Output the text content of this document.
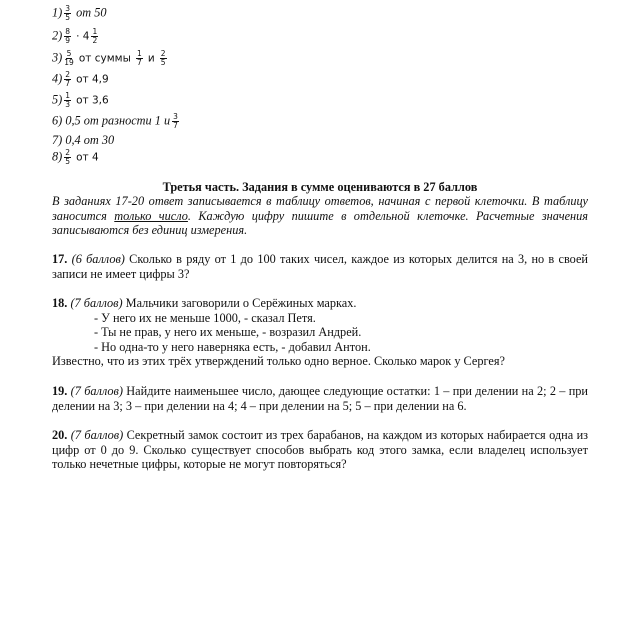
$1) \frac{3}{5}$ от 50
$2) \frac{8}{9} \cdot 4 \frac{1}{2}$
$3) \frac{5}{19}$ от суммы $\frac{1}{7}$ и $\frac{2}{5}$
$4) \frac{2}{7}$ от 4,9
$5) \frac{1}{3}$ от 3,6
6) 0,5 от разности 1 и $\frac{3}{7}$
7) 0,4 от 30
$8) \frac{2}{5}$ от 4
Третья часть. Задания в сумме оцениваются в 27 баллов
В заданиях 17-20 ответ записывается в таблицу ответов, начиная с первой клеточки. В таблицу заносится только число. Каждую цифру пишите в отдельной клеточке. Расчетные значения записываются без единиц измерения.
17. (6 баллов) Сколько в ряду от 1 до 100 таких чисел, каждое из которых делится на 3, но в своей записи не имеет цифры 3?
18. (7 баллов) Мальчики заговорили о Серёжиных марках.
- У него их не меньше 1000, - сказал Петя.
- Ты не прав, у него их меньше, - возразил Андрей.
- Но одна-то у него наверняка есть, - добавил Антон.
Известно, что из этих трёх утверждений только одно верное. Сколько марок у Сергея?
19. (7 баллов) Найдите наименьшее число, дающее следующие остатки: 1 – при делении на 2; 2 – при делении на 3; 3 – при делении на 4; 4 – при делении на 5; 5 – при делении на 6.
20. (7 баллов) Секретный замок состоит из трех барабанов, на каждом из которых набирается одна из цифр от 0 до 9. Сколько существует способов выбрать код этого замка, если владелец использует только нечетные цифры, которые не могут повторяться?
